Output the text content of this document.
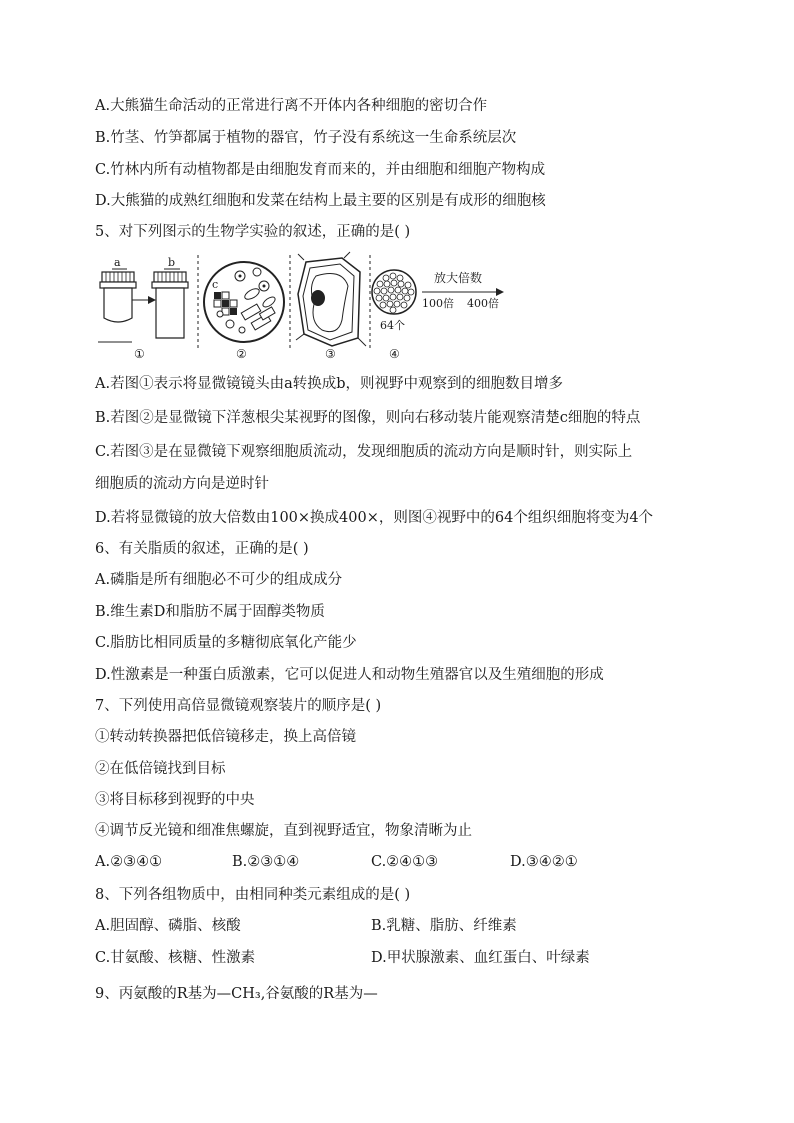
A.大熊猫生命活动的正常进行离不开体内各种细胞的密切合作
B.竹茎、竹笋都属于植物的器官，竹子没有系统这一生命系统层次
C.竹林内所有动植物都是由细胞发育而来的，并由细胞和细胞产物构成
D.大熊猫的成熟红细胞和发菜在结构上最主要的区别是有成形的细胞核
5、对下列图示的生物学实验的叙述，正确的是( )
a	b
①
c
②	③
64个
④
放大倍数
100倍 400倍
A.若图①表示将显微镜镜头由a转换成b，则视野中观察到的细胞数目增多
B.若图②是显微镜下洋葱根尖某视野的图像，则向右移动装片能观察清楚c细胞的特点
C.若图③是在显微镜下观察细胞质流动，发现细胞质的流动方向是顺时针，则实际上
细胞质的流动方向是逆时针
D.若将显微镜的放大倍数由100×换成400×，则图④视野中的64个组织细胞将变为4个
6、有关脂质的叙述，正确的是( )
A.磷脂是所有细胞必不可少的组成成分
B.维生素D和脂肪不属于固醇类物质
C.脂肪比相同质量的多糖彻底氧化产能少
D.性激素是一种蛋白质激素，它可以促进人和动物生殖器官以及生殖细胞的形成
7、下列使用高倍显微镜观察装片的顺序是( )
①转动转换器把低倍镜移走，换上高倍镜
②在低倍镜找到目标
③将目标移到视野的中央
④调节反光镜和细准焦螺旋，直到视野适宜，物象清晰为止
A.②③④①	B.②③①④	C.②④①③	D.③④②①
8、下列各组物质中，由相同种类元素组成的是( )
A.胆固醇、磷脂、核酸	B.乳糖、脂肪、纤维素
C.甘氨酸、核糖、性激素	D.甲状腺激素、血红蛋白、叶绿素
9、丙氨酸的R基为—CH₃,谷氨酸的R基为—
